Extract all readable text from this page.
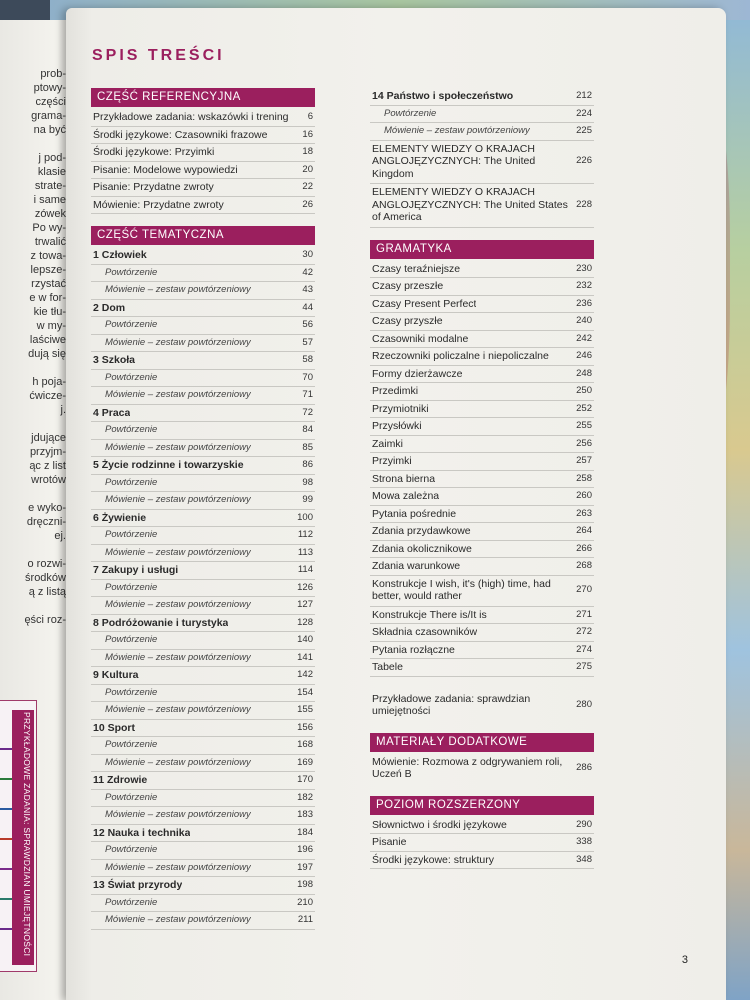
prob-
ptowy-
części
grama-
na być
j pod-
klasie
strate-
i same
zówek
Po wy-
trwalić
z towa-
lepsze-
rzystać
e w for-
kie tłu-
w my-
laściwe
dują się
h poja-
ćwicze-
j.
jdujące
przyjm-
ąc z list
wrotów
e wyko-
dręczni-
ej.
o rozwi-
środków
ą z listą
ęści roz-
PRZYKŁADOWE ZADANIA: SPRAWDZIAN UMIEJĘTNOŚCI
SPIS TREŚCI
CZĘŚĆ REFERENCYJNA
Przykładowe zadania: wskazówki i trening	6
Środki językowe: Czasowniki frazowe	16
Środki językowe: Przyimki	18
Pisanie: Modelowe wypowiedzi	20
Pisanie: Przydatne zwroty	22
Mówienie: Przydatne zwroty	26
CZĘŚĆ TEMATYCZNA
1 Człowiek	30
Powtórzenie	42
Mówienie – zestaw powtórzeniowy	43
2 Dom	44
Powtórzenie	56
Mówienie – zestaw powtórzeniowy	57
3 Szkoła	58
Powtórzenie	70
Mówienie – zestaw powtórzeniowy	71
4 Praca	72
Powtórzenie	84
Mówienie – zestaw powtórzeniowy	85
5 Życie rodzinne i towarzyskie	86
Powtórzenie	98
Mówienie – zestaw powtórzeniowy	99
6 Żywienie	100
Powtórzenie	112
Mówienie – zestaw powtórzeniowy	113
7 Zakupy i usługi	114
Powtórzenie	126
Mówienie – zestaw powtórzeniowy	127
8 Podróżowanie i turystyka	128
Powtórzenie	140
Mówienie – zestaw powtórzeniowy	141
9 Kultura	142
Powtórzenie	154
Mówienie – zestaw powtórzeniowy	155
10 Sport	156
Powtórzenie	168
Mówienie – zestaw powtórzeniowy	169
11 Zdrowie	170
Powtórzenie	182
Mówienie – zestaw powtórzeniowy	183
12 Nauka i technika	184
Powtórzenie	196
Mówienie – zestaw powtórzeniowy	197
13 Świat przyrody	198
Powtórzenie	210
Mówienie – zestaw powtórzeniowy	211
14 Państwo i społeczeństwo	212
Powtórzenie	224
Mówienie – zestaw powtórzeniowy	225
ELEMENTY WIEDZY O KRAJACH ANGLOJĘZYCZNYCH: The United Kingdom
226
ELEMENTY WIEDZY O KRAJACH ANGLOJĘZYCZNYCH: The United States of America
228
GRAMATYKA
Czasy teraźniejsze	230
Czasy przeszłe	232
Czasy Present Perfect	236
Czasy przyszłe	240
Czasowniki modalne	242
Rzeczowniki policzalne i niepoliczalne	246
Formy dzierżawcze	248
Przedimki	250
Przymiotniki	252
Przysłówki	255
Zaimki	256
Przyimki	257
Strona bierna	258
Mowa zależna	260
Pytania pośrednie	263
Zdania przydawkowe	264
Zdania okolicznikowe	266
Zdania warunkowe	268
Konstrukcje I wish, it's (high) time, had better, would rather
270
Konstrukcje There is/It is	271
Składnia czasowników	272
Pytania rozłączne	274
Tabele	275
Przykładowe zadania: sprawdzian umiejętności
280
MATERIAŁY DODATKOWE
Mówienie: Rozmowa z odgrywaniem roli, Uczeń B
286
POZIOM ROZSZERZONY
Słownictwo i środki językowe	290
Pisanie	338
Środki językowe: struktury	348
3
